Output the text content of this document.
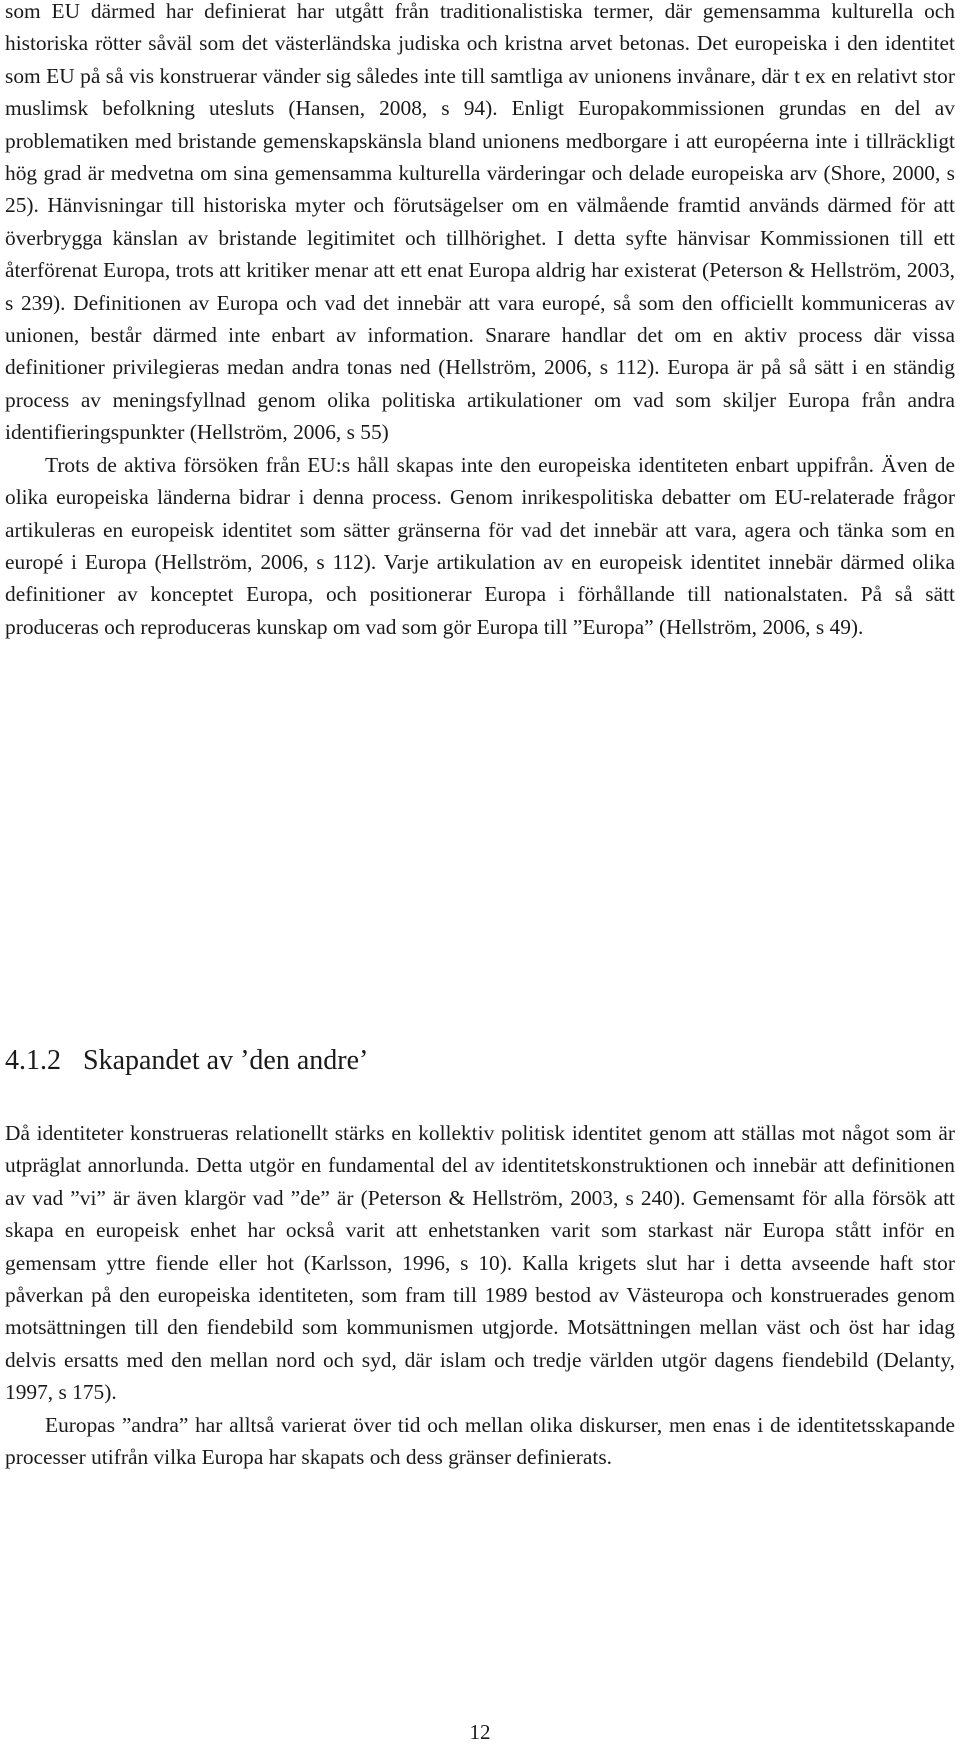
som EU därmed har definierat har utgått från traditionalistiska termer, där gemensamma kulturella och historiska rötter såväl som det västerländska judiska och kristna arvet betonas. Det europeiska i den identitet som EU på så vis konstruerar vänder sig således inte till samtliga av unionens invånare, där t ex en relativt stor muslimsk befolkning utesluts (Hansen, 2008, s 94). Enligt Europakommissionen grundas en del av problematiken med bristande gemenskapskänsla bland unionens medborgare i att européerna inte i tillräckligt hög grad är medvetna om sina gemensamma kulturella värderingar och delade europeiska arv (Shore, 2000, s 25). Hänvisningar till historiska myter och förutsägelser om en välmående framtid används därmed för att överbrygga känslan av bristande legitimitet och tillhörighet. I detta syfte hänvisar Kommissionen till ett återförenat Europa, trots att kritiker menar att ett enat Europa aldrig har existerat (Peterson & Hellström, 2003, s 239). Definitionen av Europa och vad det innebär att vara europé, så som den officiellt kommuniceras av unionen, består därmed inte enbart av information. Snarare handlar det om en aktiv process där vissa definitioner privilegieras medan andra tonas ned (Hellström, 2006, s 112). Europa är på så sätt i en ständig process av meningsfyllnad genom olika politiska artikulationer om vad som skiljer Europa från andra identifieringspunkter (Hellström, 2006, s 55)

Trots de aktiva försöken från EU:s håll skapas inte den europeiska identiteten enbart uppifrån. Även de olika europeiska länderna bidrar i denna process. Genom inrikespolitiska debatter om EU-relaterade frågor artikuleras en europeisk identitet som sätter gränserna för vad det innebär att vara, agera och tänka som en europé i Europa (Hellström, 2006, s 112). Varje artikulation av en europeisk identitet innebär därmed olika definitioner av konceptet Europa, och positionerar Europa i förhållande till nationalstaten. På så sätt produceras och reproduceras kunskap om vad som gör Europa till ”Europa” (Hellström, 2006, s 49).

4.1.2 Skapandet av ’den andre’

Då identiteter konstrueras relationellt stärks en kollektiv politisk identitet genom att ställas mot något som är utpräglat annorlunda. Detta utgör en fundamental del av identitetskonstruktionen och innebär att definitionen av vad ”vi” är även klargör vad ”de” är (Peterson & Hellström, 2003, s 240). Gemensamt för alla försök att skapa en europeisk enhet har också varit att enhetstanken varit som starkast när Europa stått inför en gemensam yttre fiende eller hot (Karlsson, 1996, s 10). Kalla krigets slut har i detta avseende haft stor påverkan på den europeiska identiteten, som fram till 1989 bestod av Västeuropa och konstruerades genom motsättningen till den fiendebild som kommunismen utgjorde. Motsättningen mellan väst och öst har idag delvis ersatts med den mellan nord och syd, där islam och tredje världen utgör dagens fiendebild (Delanty, 1997, s 175).

Europas ”andra” har alltså varierat över tid och mellan olika diskurser, men enas i de identitetsskapande processer utifrån vilka Europa har skapats och dess gränser definierats.

12
